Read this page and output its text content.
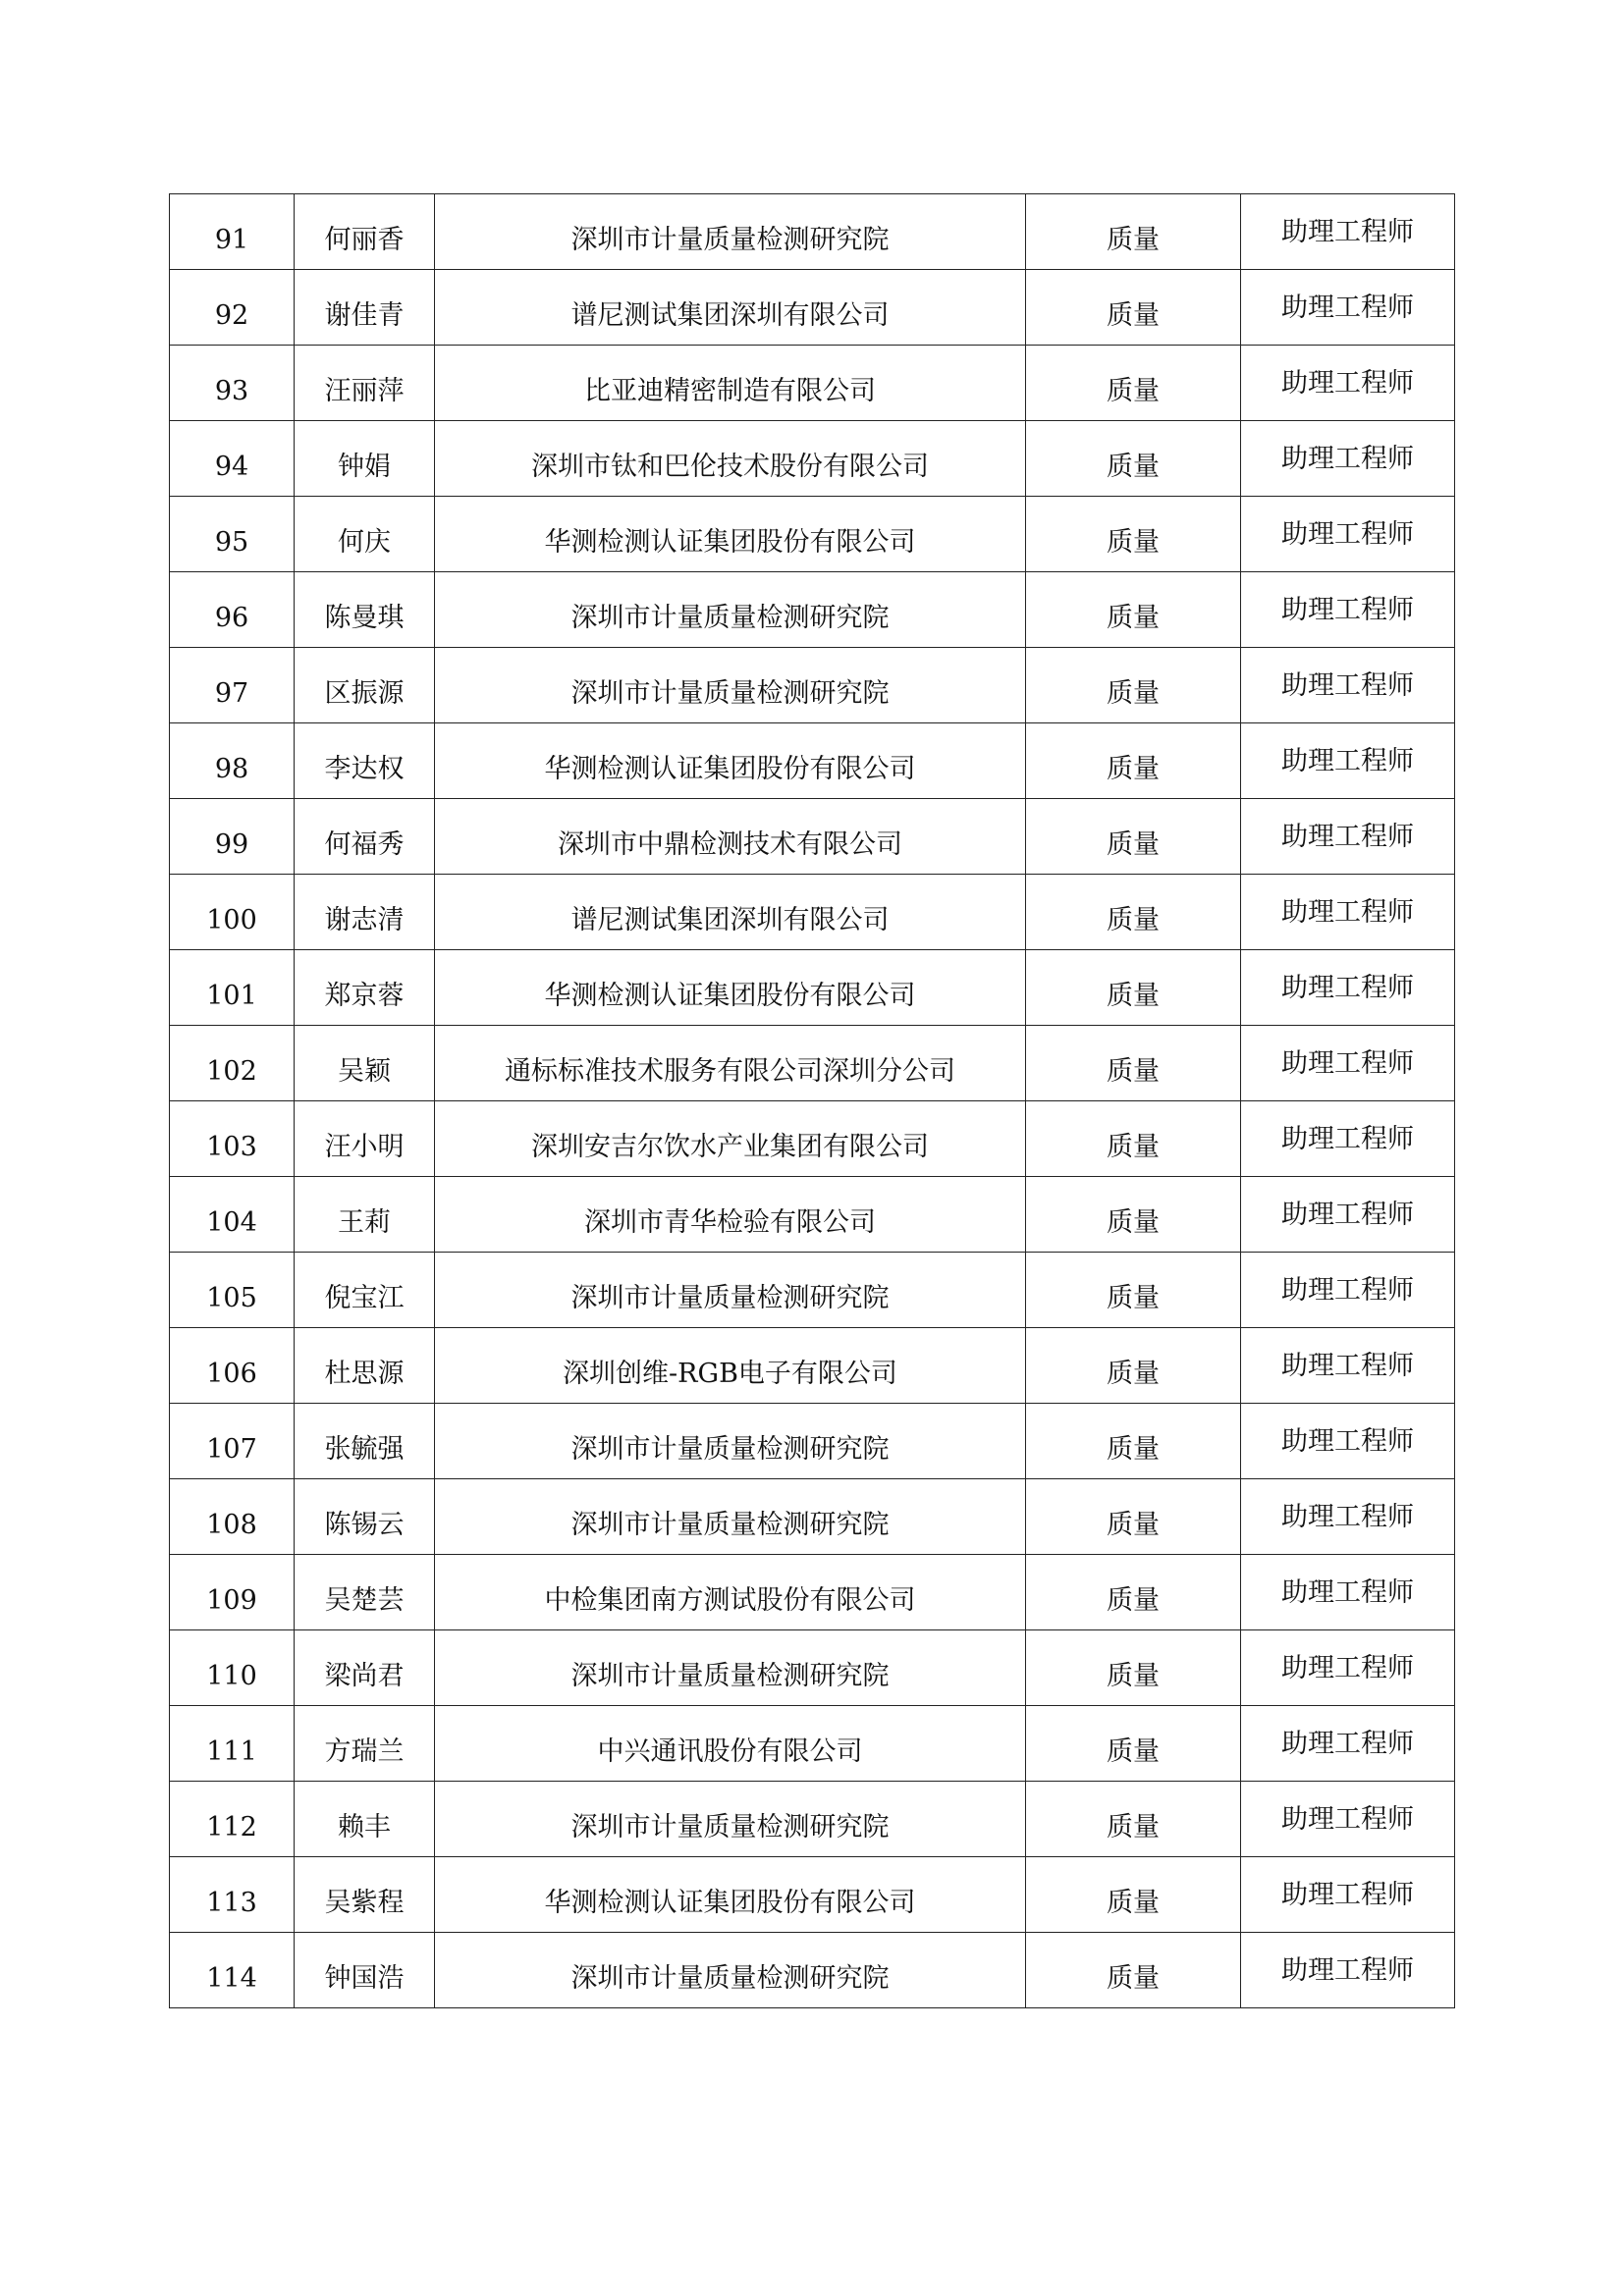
91	何丽香	深圳市计量质量检测研究院	质量	助理工程师
92	谢佳青	谱尼测试集团深圳有限公司	质量	助理工程师
93	汪丽萍	比亚迪精密制造有限公司	质量	助理工程师
94	钟娟	深圳市钛和巴伦技术股份有限公司	质量	助理工程师
95	何庆	华测检测认证集团股份有限公司	质量	助理工程师
96	陈曼琪	深圳市计量质量检测研究院	质量	助理工程师
97	区振源	深圳市计量质量检测研究院	质量	助理工程师
98	李达权	华测检测认证集团股份有限公司	质量	助理工程师
99	何福秀	深圳市中鼎检测技术有限公司	质量	助理工程师
100	谢志清	谱尼测试集团深圳有限公司	质量	助理工程师
101	郑京蓉	华测检测认证集团股份有限公司	质量	助理工程师
102	吴颖	通标标准技术服务有限公司深圳分公司	质量	助理工程师
103	汪小明	深圳安吉尔饮水产业集团有限公司	质量	助理工程师
104	王莉	深圳市青华检验有限公司	质量	助理工程师
105	倪宝江	深圳市计量质量检测研究院	质量	助理工程师
106	杜思源	深圳创维-RGB电子有限公司	质量	助理工程师
107	张毓强	深圳市计量质量检测研究院	质量	助理工程师
108	陈锡云	深圳市计量质量检测研究院	质量	助理工程师
109	吴楚芸	中检集团南方测试股份有限公司	质量	助理工程师
110	梁尚君	深圳市计量质量检测研究院	质量	助理工程师
111	方瑞兰	中兴通讯股份有限公司	质量	助理工程师
112	赖丰	深圳市计量质量检测研究院	质量	助理工程师
113	吴紫程	华测检测认证集团股份有限公司	质量	助理工程师
114	钟国浩	深圳市计量质量检测研究院	质量	助理工程师
